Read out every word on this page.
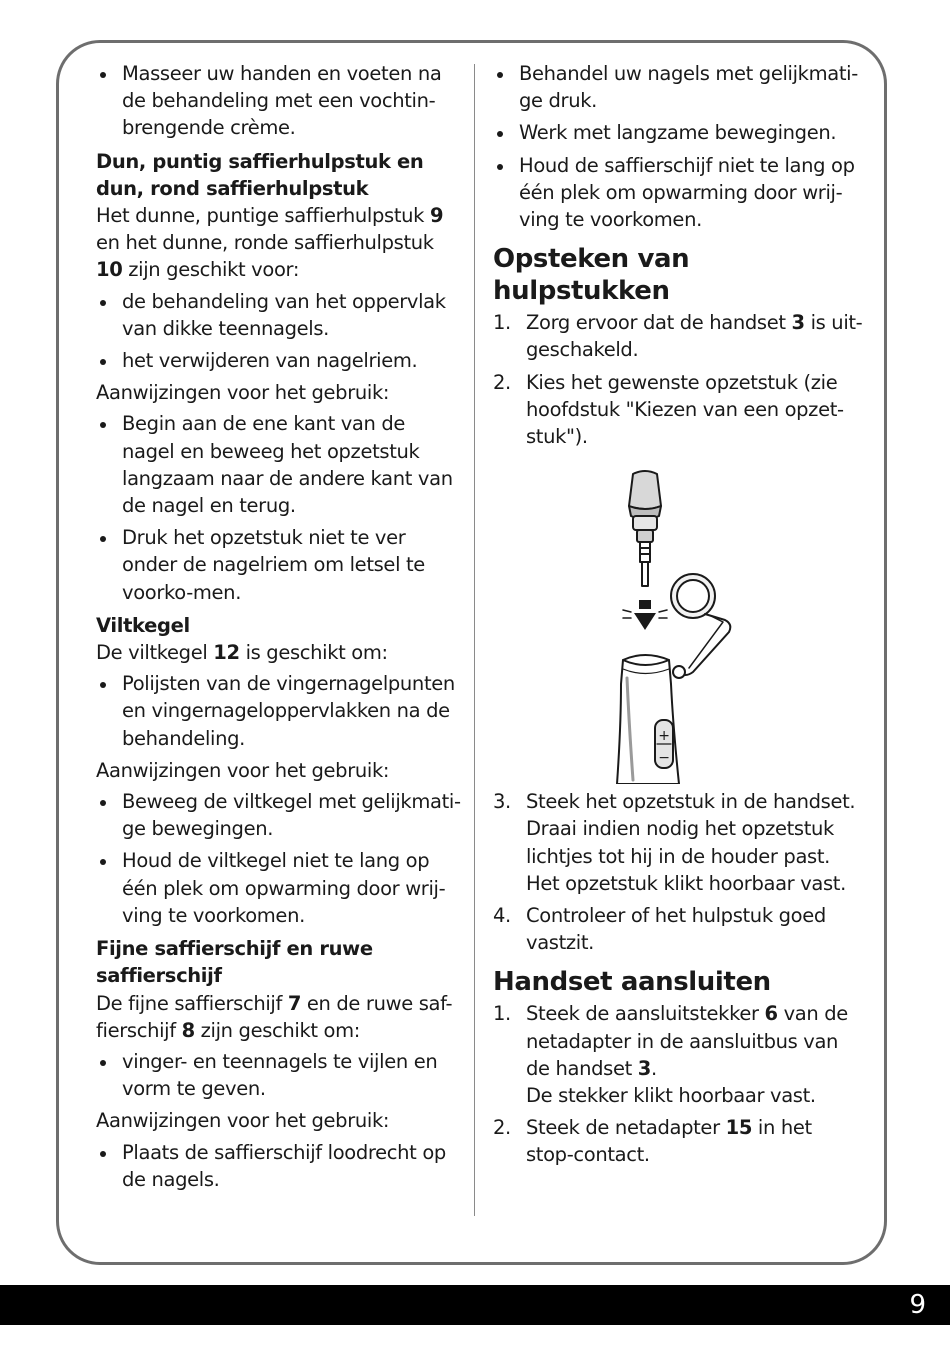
Masseer uw handen en voeten na de behandeling met een vochtin-brengende crème.
Dun, puntig saffierhulpstuk en dun, rond saffierhulpstuk

Het dunne, puntige saffierhulpstuk 9 en het dunne, ronde saffierhulpstuk 10 zijn geschikt voor:

de behandeling van het oppervlak van dikke teennagels.
het verwijderen van nagelriem.

Aanwijzingen voor het gebruik:

Begin aan de ene kant van de nagel en beweeg het opzetstuk langzaam naar de andere kant van de nagel en terug.
Druk het opzetstuk niet te ver onder de nagelriem om letsel te voorko-men.
Viltkegel

De viltkegel 12 is geschikt om:

Polijsten van de vingernagelpunten en vingernageloppervlakken na de behandeling.

Aanwijzingen voor het gebruik:

Beweeg de viltkegel met gelijkmati-ge bewegingen.
Houd de viltkegel niet te lang op één plek om opwarming door wrij-ving te voorkomen.
Fijne saffierschijf en ruwe saffierschijf

De fijne saffierschijf 7 en de ruwe saf-fierschijf 8 zijn geschikt om:

vinger- en teennagels te vijlen en vorm te geven.

Aanwijzingen voor het gebruik:

Plaats de saffierschijf loodrecht op de nagels.
Behandel uw nagels met gelijkmati-ge druk.
Werk met langzame bewegingen.
Houd de saffierschijf niet te lang op één plek om opwarming door wrij-ving te voorkomen.
Opsteken van hulpstukken
1. Zorg ervoor dat de handset 3 is uit-geschakeld.
2. Kies het gewenste opzetstuk (zie hoofdstuk "Kiezen van een opzet-stuk").
+
−
3. Steek het opzetstuk in de handset. Draai indien nodig het opzetstuk lichtjes tot hij in de houder past. Het opzetstuk klikt hoorbaar vast.
4. Controleer of het hulpstuk goed vastzit.
Handset aansluiten
1. Steek de aansluitstekker 6 van de netadapter in de aansluitbus van de handset 3.
De stekker klikt hoorbaar vast.
2. Steek de netadapter 15 in het stop-contact.
9
